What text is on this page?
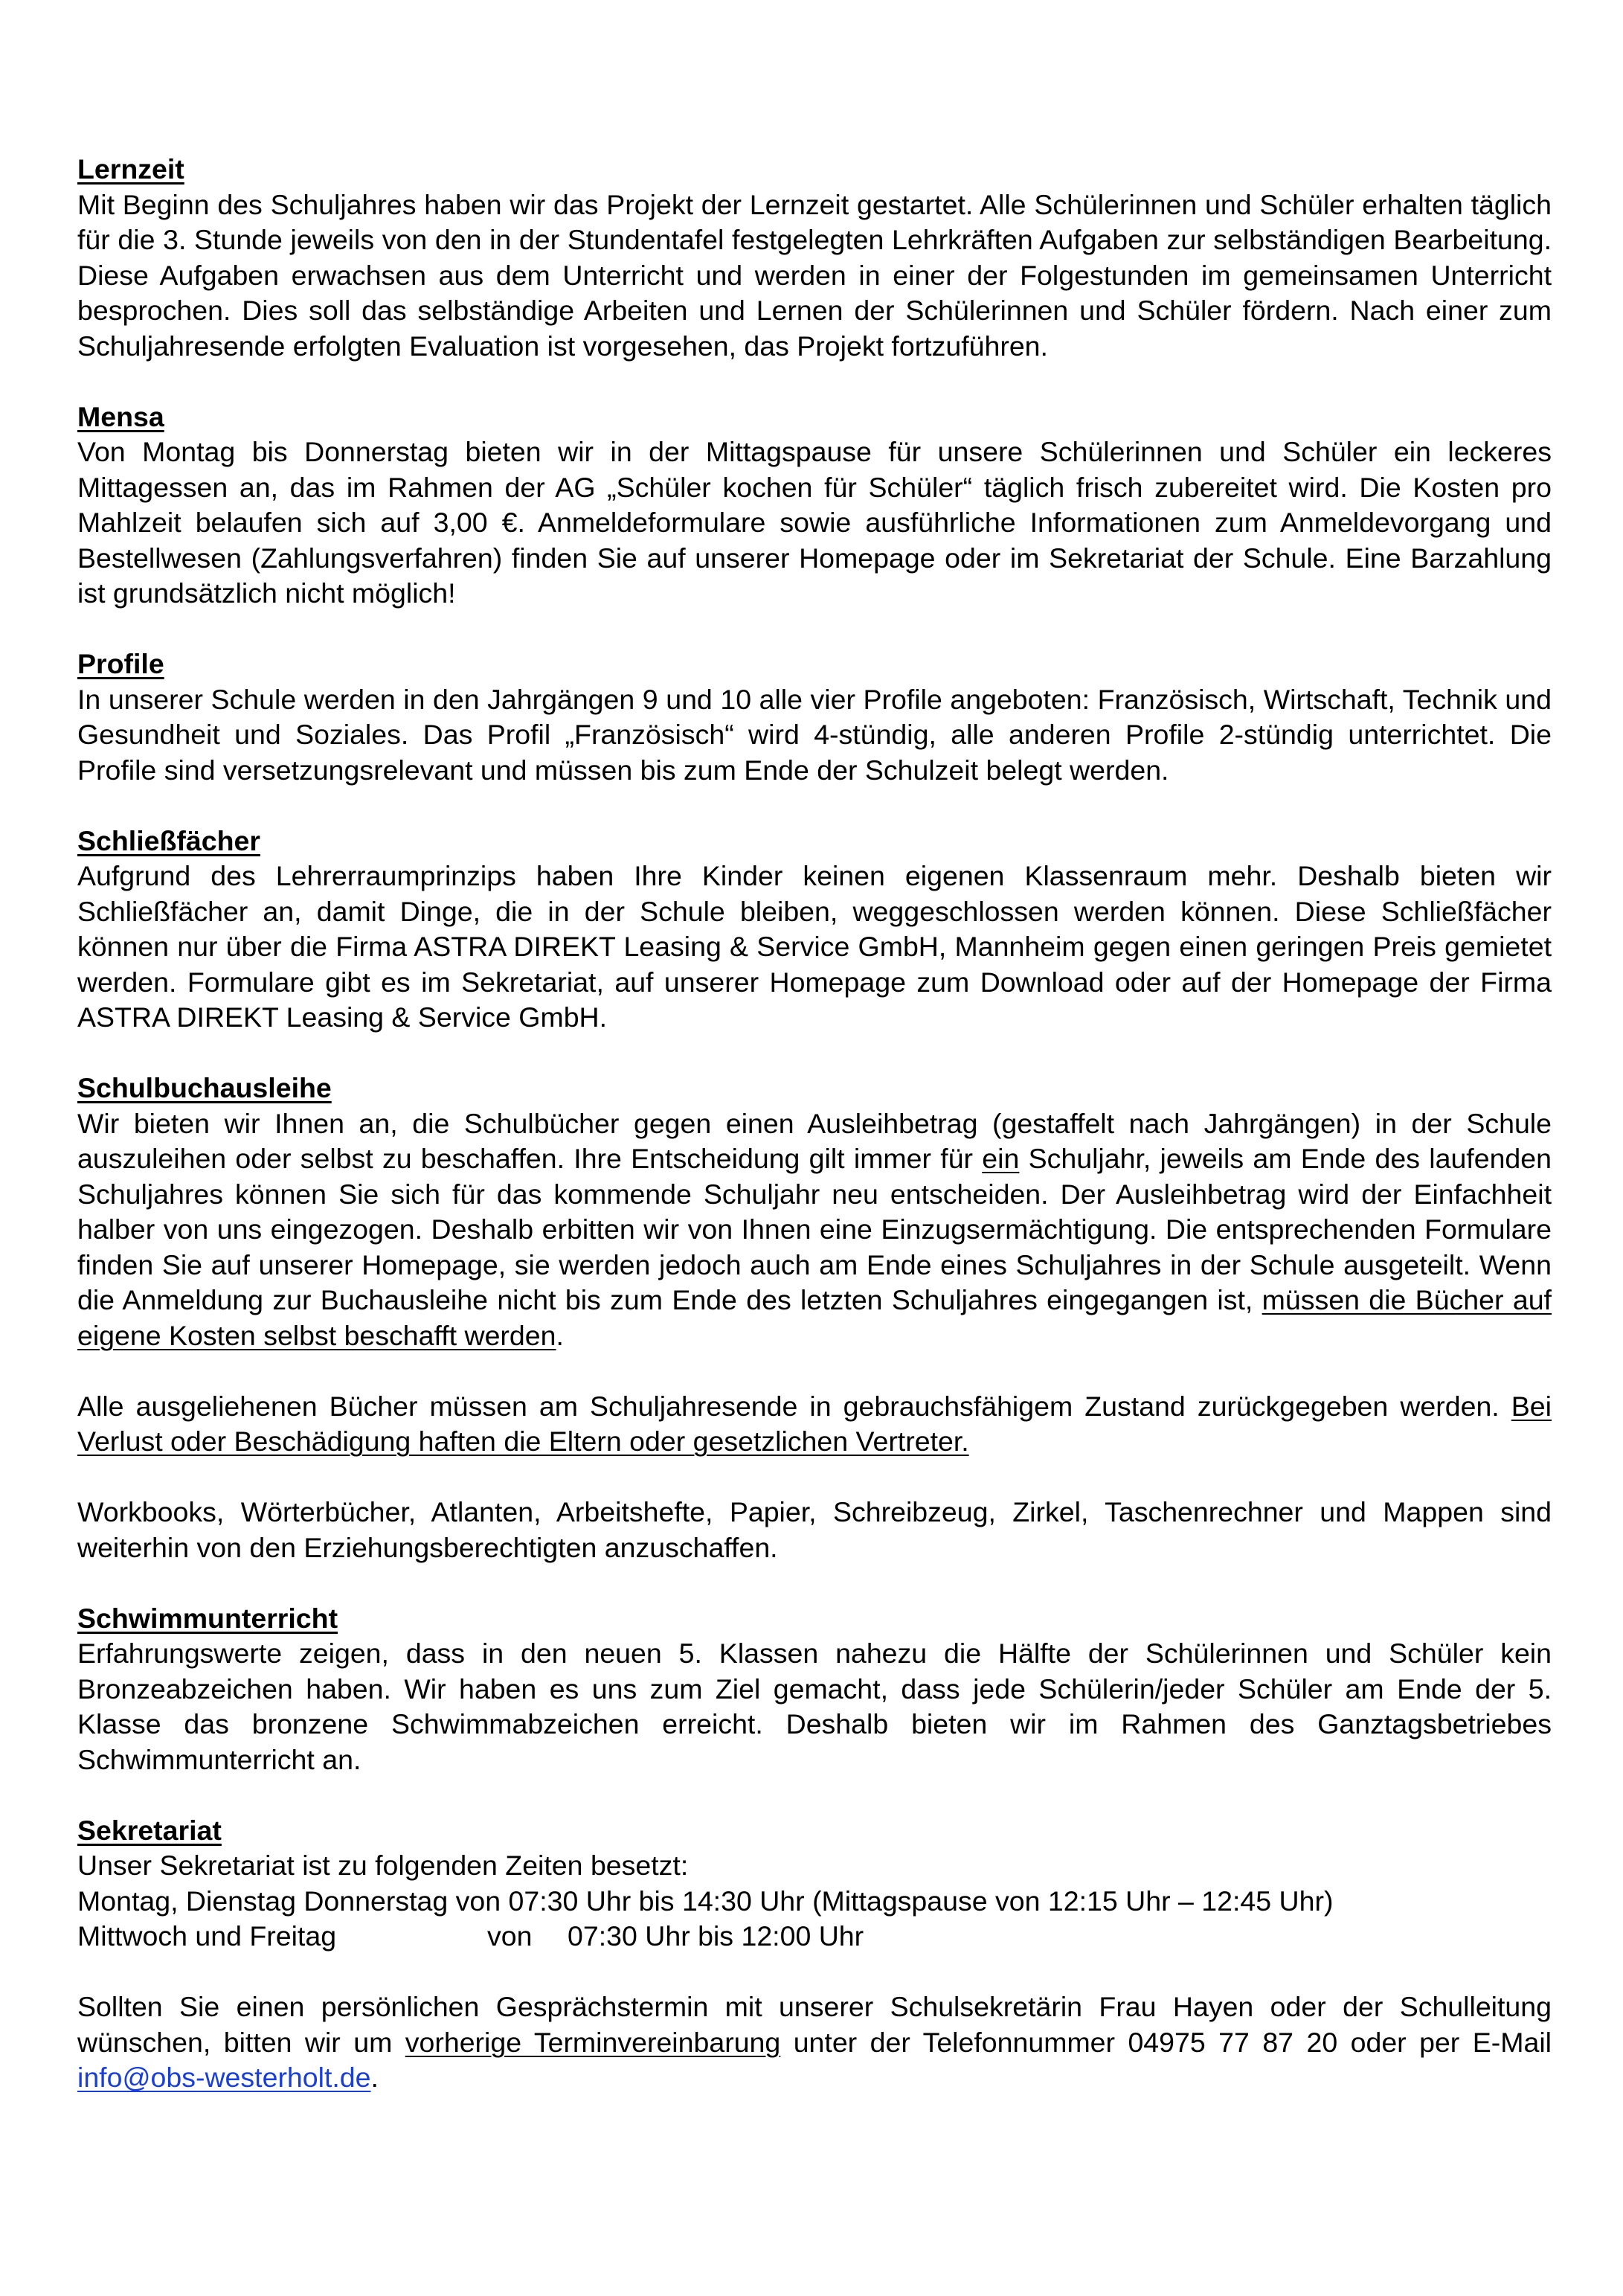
Lernzeit

Mit Beginn des Schuljahres haben wir das Projekt der Lernzeit gestartet. Alle Schülerinnen und Schüler erhalten täglich für die 3. Stunde jeweils von den in der Stundentafel festgelegten Lehrkräften Aufgaben zur selbständigen Bearbeitung. Diese Aufgaben erwachsen aus dem Unterricht und werden in einer der Folgestunden im gemeinsamen Unterricht besprochen. Dies soll das selbständige Arbeiten und Lernen der Schülerinnen und Schüler fördern. Nach einer zum Schuljahresende erfolgten Evaluation ist vorgesehen, das Projekt fortzuführen.

Mensa

Von Montag bis Donnerstag bieten wir in der Mittagspause für unsere Schülerinnen und Schüler ein leckeres Mittagessen an, das im Rahmen der AG „Schüler kochen für Schüler“ täglich frisch zubereitet wird. Die Kosten pro Mahlzeit belaufen sich auf 3,00 €. Anmeldeformulare sowie ausführliche Informationen zum Anmeldevorgang und Bestellwesen (Zahlungsverfahren) finden Sie auf unserer Homepage oder im Sekretariat der Schule. Eine Barzahlung ist grundsätzlich nicht möglich!

Profile

In unserer Schule werden in den Jahrgängen 9 und 10 alle vier Profile angeboten: Französisch, Wirtschaft, Technik und Gesundheit und Soziales. Das Profil „Französisch“ wird 4-stündig, alle anderen Profile 2-stündig unterrichtet. Die Profile sind versetzungsrelevant und müssen bis zum Ende der Schulzeit belegt werden.

Schließfächer

Aufgrund des Lehrerraumprinzips haben Ihre Kinder keinen eigenen Klassenraum mehr. Deshalb bieten wir Schließfächer an, damit Dinge, die in der Schule bleiben, weggeschlossen werden können. Diese Schließfächer können nur über die Firma ASTRA DIREKT Leasing & Service GmbH, Mannheim gegen einen geringen Preis gemietet werden. Formulare gibt es im Sekretariat, auf unserer Homepage zum Download oder auf der Homepage der Firma ASTRA DIREKT Leasing & Service GmbH.

Schulbuchausleihe

Wir bieten wir Ihnen an, die Schulbücher gegen einen Ausleihbetrag (gestaffelt nach Jahrgängen) in der Schule auszuleihen oder selbst zu beschaffen. Ihre Entscheidung gilt immer für ein Schuljahr, jeweils am Ende des laufenden Schuljahres können Sie sich für das kommende Schuljahr neu entscheiden. Der Ausleihbetrag wird der Einfachheit halber von uns eingezogen. Deshalb erbitten wir von Ihnen eine Einzugsermächtigung. Die entsprechenden Formulare finden Sie auf unserer Homepage, sie werden jedoch auch am Ende eines Schuljahres in der Schule ausgeteilt. Wenn die Anmeldung zur Buchausleihe nicht bis zum Ende des letzten Schuljahres eingegangen ist, müssen die Bücher auf eigene Kosten selbst beschafft werden.

Alle ausgeliehenen Bücher müssen am Schuljahresende in gebrauchsfähigem Zustand zurückgegeben werden. Bei Verlust oder Beschädigung haften die Eltern oder gesetzlichen Vertreter.

Workbooks, Wörterbücher, Atlanten, Arbeitshefte, Papier, Schreibzeug, Zirkel, Taschenrechner und Mappen sind weiterhin von den Erziehungsberechtigten anzuschaffen.

Schwimmunterricht

Erfahrungswerte zeigen, dass in den neuen 5. Klassen nahezu die Hälfte der Schülerinnen und Schüler kein Bronzeabzeichen haben. Wir haben es uns zum Ziel gemacht, dass jede Schülerin/jeder Schüler am Ende der 5. Klasse das bronzene Schwimmabzeichen erreicht. Deshalb bieten wir im Rahmen des Ganztagsbetriebes Schwimmunterricht an.

Sekretariat
Unser Sekretariat ist zu folgenden Zeiten besetzt:
Montag, Dienstag Donnerstag von 07:30 Uhr bis 14:30 Uhr (Mittagspause von 12:15 Uhr – 12:45 Uhr)
Mittwoch und Freitag	von	07:30 Uhr bis 12:00 Uhr

Sollten Sie einen persönlichen Gesprächstermin mit unserer Schulsekretärin Frau Hayen oder der Schulleitung wünschen, bitten wir um vorherige Terminvereinbarung unter der Telefonnummer 04975 77 87 20 oder per E-Mail info@obs-westerholt.de.
